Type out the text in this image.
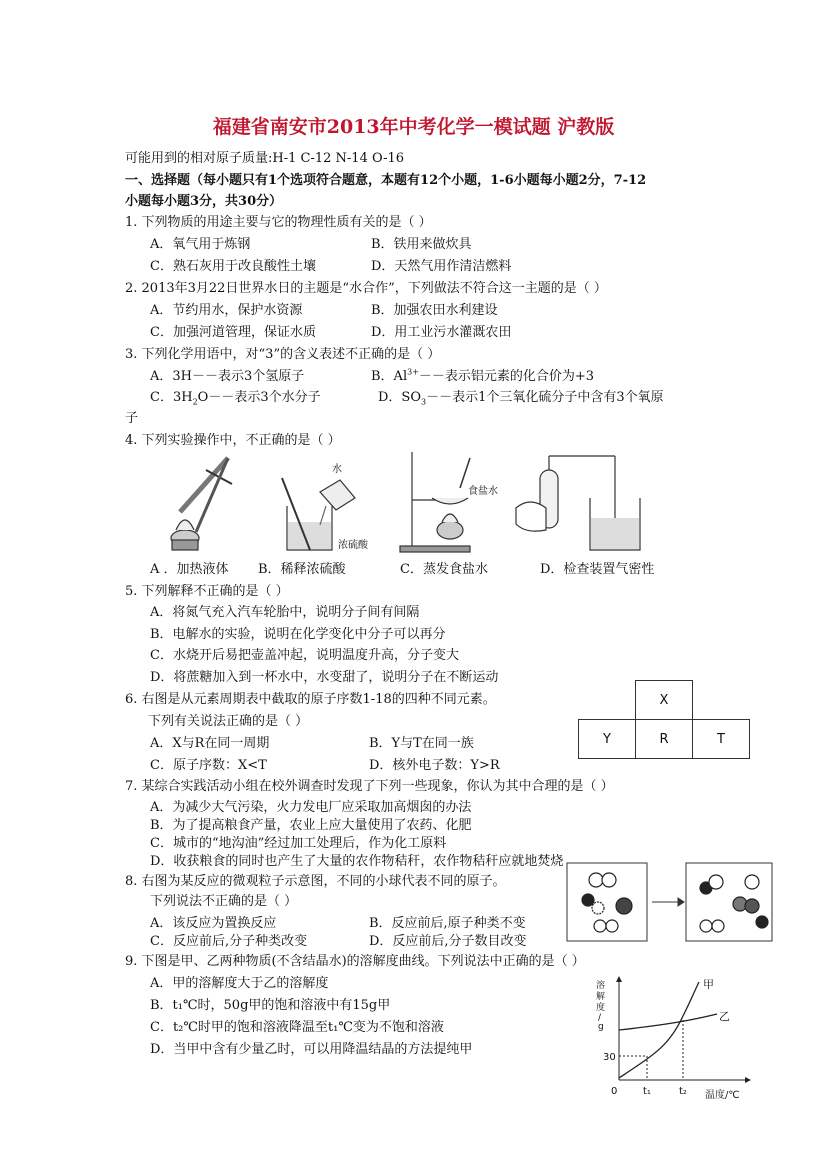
福建省南安市2013年中考化学一模试题 沪教版
可能用到的相对原子质量:H-1 C-12 N-14 O-16
一、选择题（每小题只有1个选项符合题意，本题有12个小题，1-6小题每小题2分，7-12
小题每小题3分，共30分）
1. 下列物质的用途主要与它的物理性质有关的是（ ）
A．氧气用于炼钢	B．铁用来做炊具
C．熟石灰用于改良酸性土壤	D．天然气用作清洁燃料
2. 2013年3月22日世界水日的主题是“水合作”，下列做法不符合这一主题的是（ ）
A．节约用水，保护水资源	B．加强农田水利建设
C．加强河道管理，保证水质	D．用工业污水灌溉农田
3. 下列化学用语中，对“3”的含义表述不正确的是（ ）
A．3H－－表示3个氢原子	B．$Al^{3+}--$表示铝元素的化合价为+3
C．$3H_2O--$表示3个水分子	D．$SO_3--$表示1个三氧化硫分子中含有3个氧原
子
4. 下列实验操作中，不正确的是（ ）
水
浓硫酸
食盐水
A ．加热液体 B．稀释浓硫酸	C．蒸发食盐水	D．检查装置气密性
5. 下列解释不正确的是（ ）
A．将氮气充入汽车轮胎中，说明分子间有间隔
B．电解水的实验，说明在化学变化中分子可以再分
C．水烧开后易把壶盖冲起，说明温度升高，分子变大
D．将蔗糖加入到一杯水中，水变甜了，说明分子在不断运动
6. 右图是从元素周期表中截取的原子序数1-18的四种不同元素。
下列有关说法正确的是（ ）
A．X与R在同一周期	B．Y与T在同一族
C．原子序数：X<T	D．核外电子数：Y>R
	X	
Y	R	T
7. 某综合实践活动小组在校外调查时发现了下列一些现象，你认为其中合理的是（ ）
A．为减少大气污染，火力发电厂应采取加高烟囱的办法
B．为了提高粮食产量，农业上应大量使用了农药、化肥
C．城市的“地沟油”经过加工处理后，作为化工原料
D．收获粮食的同时也产生了大量的农作物秸秆，农作物秸秆应就地焚烧
8. 右图为某反应的微观粒子示意图，不同的小球代表不同的原子。
下列说法不正确的是（ ）
A．该反应为置换反应	B．反应前后,原子种类不变
C．反应前后,分子种类改变	D．反应前后,分子数目改变
9. 下图是甲、乙两种物质(不含结晶水)的溶解度曲线。下列说法中正确的是（ ）
A．甲的溶解度大于乙的溶解度
B．t₁℃时，50g甲的饱和溶液中有15g甲
C．t₂℃时甲的饱和溶液降温至t₁℃变为不饱和溶液
D．当甲中含有少量乙时，可以用降温结晶的方法提纯甲
溶
解
度
/
g
30
0	t₁	t₂ 温度/℃
甲
乙
